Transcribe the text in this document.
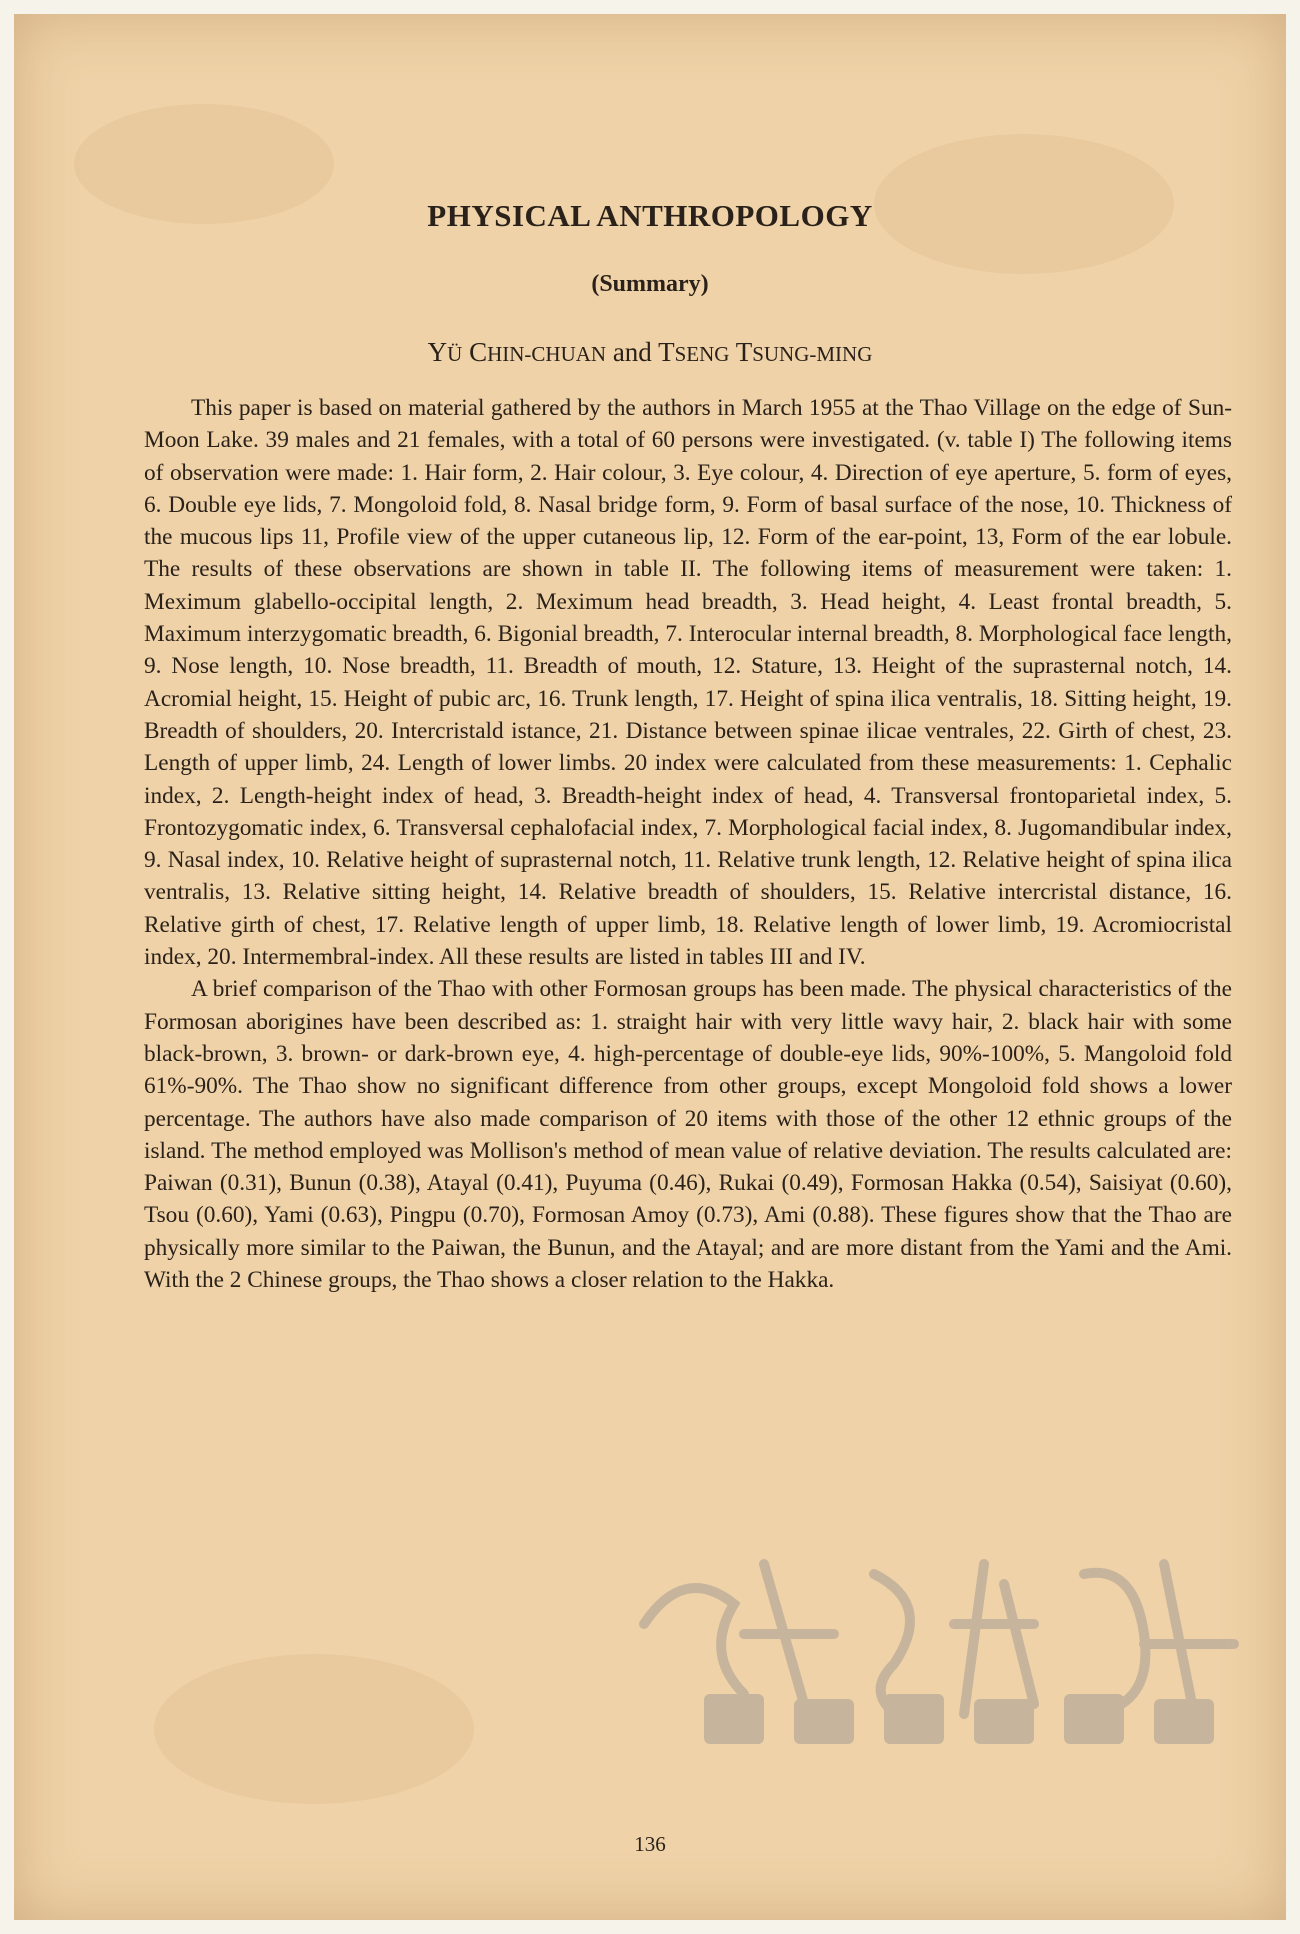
PHYSICAL ANTHROPOLOGY
(Summary)
YÜ CHIN-CHUAN and TSENG TSUNG-MING

This paper is based on material gathered by the authors in March 1955 at the Thao Village on the edge of Sun-Moon Lake. 39 males and 21 females, with a total of 60 persons were investigated. (v. table I) The following items of observation were made: 1. Hair form, 2. Hair colour, 3. Eye colour, 4. Direction of eye aperture, 5. form of eyes, 6. Double eye lids, 7. Mongoloid fold, 8. Nasal bridge form, 9. Form of basal surface of the nose, 10. Thickness of the mucous lips 11, Profile view of the upper cutaneous lip, 12. Form of the ear-point, 13, Form of the ear lobule. The results of these observations are shown in table II. The following items of measurement were taken: 1. Meximum glabello-occipital length, 2. Meximum head breadth, 3. Head height, 4. Least frontal breadth, 5. Maximum interzygomatic breadth, 6. Bigonial breadth, 7. Interocular internal breadth, 8. Morphological face length, 9. Nose length, 10. Nose breadth, 11. Breadth of mouth, 12. Stature, 13. Height of the suprasternal notch, 14. Acromial height, 15. Height of pubic arc, 16. Trunk length, 17. Height of spina ilica ventralis, 18. Sitting height, 19. Breadth of shoulders, 20. Intercristald istance, 21. Distance between spinae ilicae ventrales, 22. Girth of chest, 23. Length of upper limb, 24. Length of lower limbs. 20 index were calculated from these measurements: 1. Cephalic index, 2. Length-height index of head, 3. Breadth-height index of head, 4. Transversal frontoparietal index, 5. Frontozygomatic index, 6. Transversal cephalofacial index, 7. Morphological facial index, 8. Jugomandibular index, 9. Nasal index, 10. Relative height of suprasternal notch, 11. Relative trunk length, 12. Relative height of spina ilica ventralis, 13. Relative sitting height, 14. Relative breadth of shoulders, 15. Relative intercristal distance, 16. Relative girth of chest, 17. Relative length of upper limb, 18. Relative length of lower limb, 19. Acromiocristal index, 20. Intermembral-index. All these results are listed in tables III and IV.

A brief comparison of the Thao with other Formosan groups has been made. The physical characteristics of the Formosan aborigines have been described as: 1. straight hair with very little wavy hair, 2. black hair with some black-brown, 3. brown- or dark-brown eye, 4. high-percentage of double-eye lids, 90%-100%, 5. Mangoloid fold 61%-90%. The Thao show no significant difference from other groups, except Mongoloid fold shows a lower percentage. The authors have also made comparison of 20 items with those of the other 12 ethnic groups of the island. The method employed was Mollison's method of mean value of relative deviation. The results calculated are: Paiwan (0.31), Bunun (0.38), Atayal (0.41), Puyuma (0.46), Rukai (0.49), Formosan Hakka (0.54), Saisiyat (0.60), Tsou (0.60), Yami (0.63), Pingpu (0.70), Formosan Amoy (0.73), Ami (0.88). These figures show that the Thao are physically more similar to the Paiwan, the Bunun, and the Atayal; and are more distant from the Yami and the Ami. With the 2 Chinese groups, the Thao shows a closer relation to the Hakka.

136
